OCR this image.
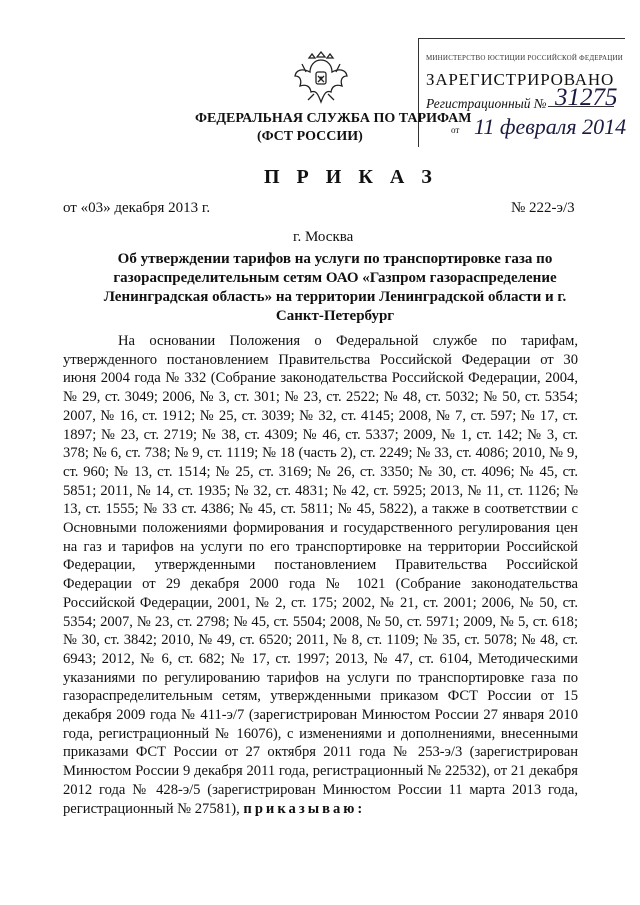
МИНИСТЕРСТВО ЮСТИЦИИ РОССИЙСКОЙ ФЕДЕРАЦИИ
ЗАРЕГИСТРИРОВАНО
Регистрационный № 31275
от 11 февраля 2014
ФЕДЕРАЛЬНАЯ СЛУЖБА ПО ТАРИФАМ
(ФСТ РОССИИ)
П Р И К А З
от «03» декабря 2013 г.	№ 222-э/3
г. Москва
Об утверждении тарифов на услуги по транспортировке газа по газораспределительным сетям ОАО «Газпром газораспределение Ленинградская область» на территории Ленинградской области и г. Санкт-Петербург
На основании Положения о Федеральной службе по тарифам, утвержденного постановлением Правительства Российской Федерации от 30 июня 2004 года № 332 (Собрание законодательства Российской Федерации, 2004, № 29, ст. 3049; 2006, № 3, ст. 301; № 23, ст. 2522; № 48, ст. 5032; № 50, ст. 5354; 2007, № 16, ст. 1912; № 25, ст. 3039; № 32, ст. 4145; 2008, № 7, ст. 597; № 17, ст. 1897; № 23, ст. 2719; № 38, ст. 4309; № 46, ст. 5337; 2009, № 1, ст. 142; № 3, ст. 378; № 6, ст. 738; № 9, ст. 1119; № 18 (часть 2), ст. 2249; № 33, ст. 4086; 2010, № 9, ст. 960; № 13, ст. 1514; № 25, ст. 3169; № 26, ст. 3350; № 30, ст. 4096; № 45, ст. 5851; 2011, № 14, ст. 1935; № 32, ст. 4831; № 42, ст. 5925; 2013, № 11, ст. 1126; № 13, ст. 1555; № 33 ст. 4386; № 45, ст. 5811; № 45, 5822), а также в соответствии с Основными положениями формирования и государственного регулирования цен на газ и тарифов на услуги по его транспортировке на территории Российской Федерации, утвержденными постановлением Правительства Российской Федерации от 29 декабря 2000 года № 1021 (Собрание законодательства Российской Федерации, 2001, № 2, ст. 175; 2002, № 21, ст. 2001; 2006, № 50, ст. 5354; 2007, № 23, ст. 2798; № 45, ст. 5504; 2008, № 50, ст. 5971; 2009, № 5, ст. 618; № 30, ст. 3842; 2010, № 49, ст. 6520; 2011, № 8, ст. 1109; № 35, ст. 5078; № 48, ст. 6943; 2012, № 6, ст. 682; № 17, ст. 1997; 2013, № 47, ст. 6104, Методическими указаниями по регулированию тарифов на услуги по транспортировке газа по газораспределительным сетям, утвержденными приказом ФСТ России от 15 декабря 2009 года № 411-э/7 (зарегистрирован Минюстом России 27 января 2010 года, регистрационный № 16076), с изменениями и дополнениями, внесенными приказами ФСТ России от 27 октября 2011 года № 253-э/3 (зарегистрирован Минюстом России 9 декабря 2011 года, регистрационный № 22532), от 21 декабря 2012 года № 428-э/5 (зарегистрирован Минюстом России 11 марта 2013 года, регистрационный № 27581), приказываю:
